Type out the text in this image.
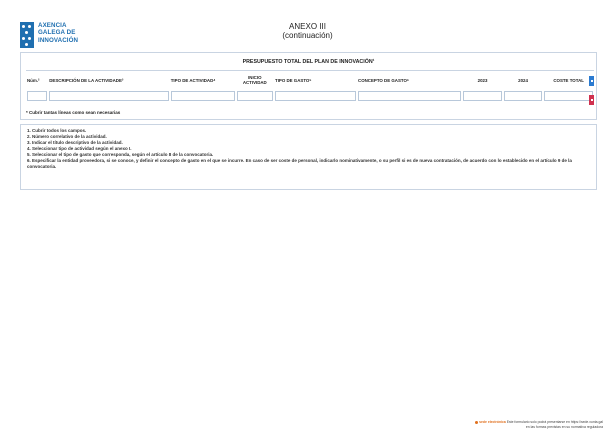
AXENCIA
GALEGA DE
INNOVACIÓN
ANEXO III
(continuación)
PRESUPUESTO TOTAL DEL PLAN DE INNOVACIÓN¹
Núm.²	DESCRIPCIÓN DE LA ACTIVIDADE³	TIPO DE ACTIVIDAD⁴	INICIO ACTIVIDAD	TIPO DE GASTO⁵	CONCEPTO DE GASTO⁶	2023	2024	COSTE TOTAL

* Cubrir tantas líneas como sean necesarias
1. Cubrir todos los campos.
2. Número correlativo de la actividad.
3. Indicar el título descriptivo de la actividad.
4. Seleccionar tipo de actividad según el anexo I.
5. Seleccionar el tipo de gasto que corresponda, según el artículo 8 de la convocatoria.
6. Especificar la entidad proveedora, si se conoce, y definir el concepto de gasto en el que se incurre. En caso de ser coste de personal, indicarlo nominativamente, o su perfil si es de nueva contratación, de acuerdo con lo establecido en el artículo 9 de la convocatoria.
sede electrónica Este formulario solo podrá presentarse en https://sede.xunta.gal en las formas previstas en su normativa reguladora
